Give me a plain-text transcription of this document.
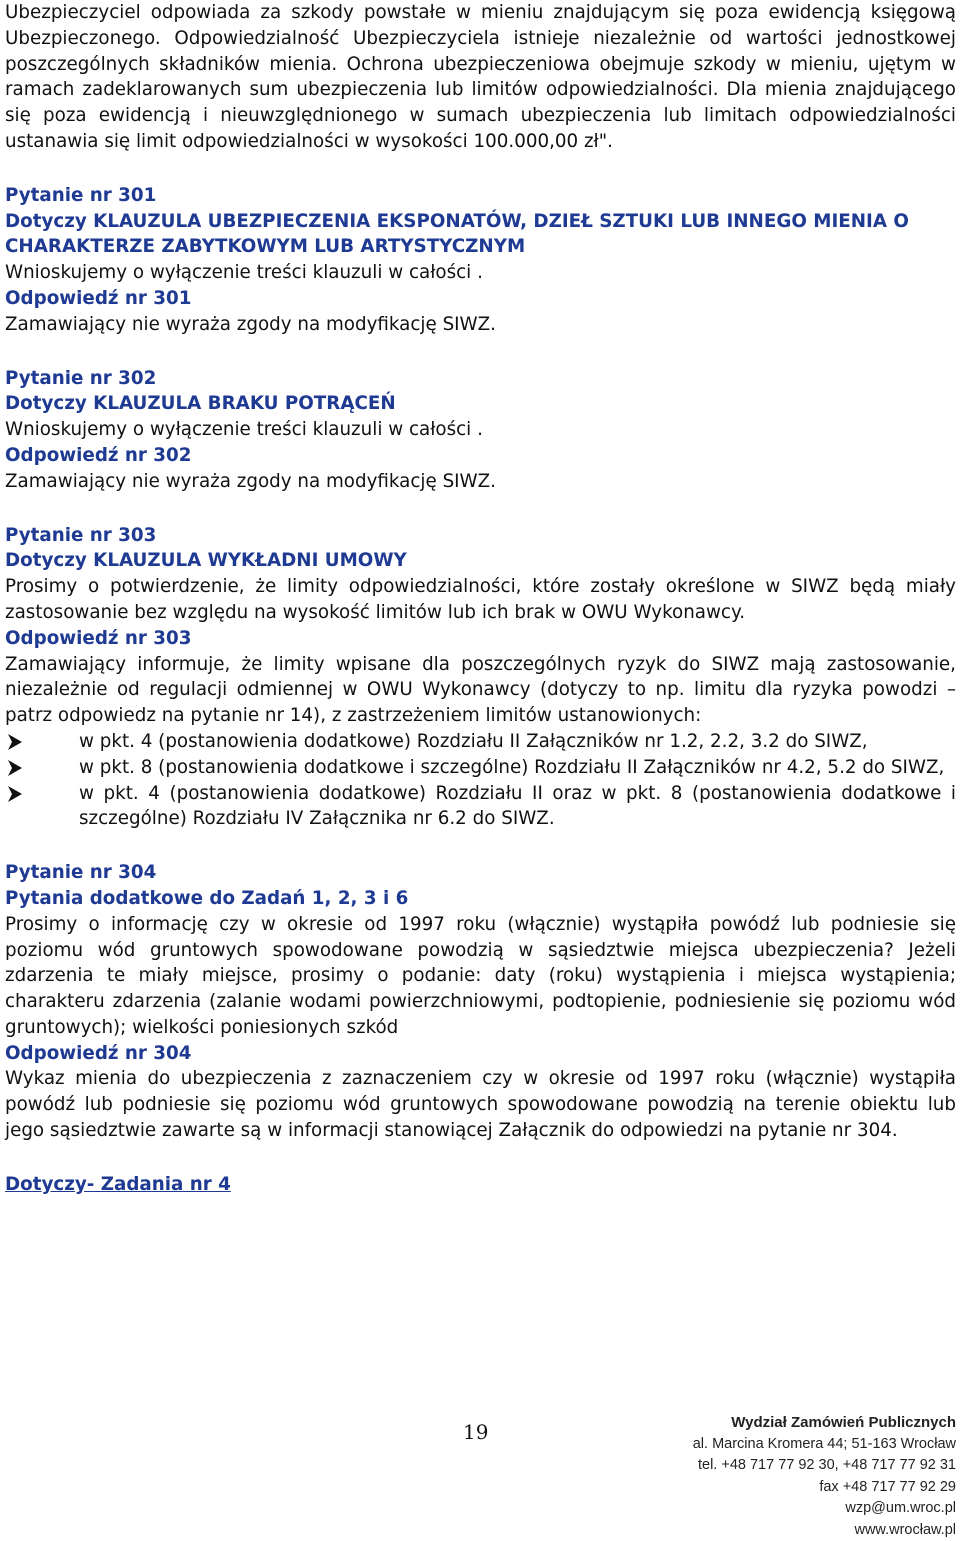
Ubezpieczyciel odpowiada za szkody powstałe w mieniu znajdującym się poza ewidencją księgową Ubezpieczonego. Odpowiedzialność Ubezpieczyciela istnieje niezależnie od wartości jednostkowej poszczególnych składników mienia. Ochrona ubezpieczeniowa obejmuje szkody w mieniu, ujętym w ramach zadeklarowanych sum ubezpieczenia lub limitów odpowiedzialności. Dla mienia znajdującego się poza ewidencją i nieuwzględnionego w sumach ubezpieczenia lub limitach odpowiedzialności ustanawia się limit odpowiedzialności w wysokości 100.000,00 zł".

Pytanie nr 301
Dotyczy KLAUZULA UBEZPIECZENIA EKSPONATÓW, DZIEŁ SZTUKI LUB INNEGO MIENIA O CHARAKTERZE ZABYTKOWYM LUB ARTYSTYCZNYM
Wnioskujemy o wyłączenie treści klauzuli w całości .
Odpowiedź nr 301
Zamawiający nie wyraża zgody na modyfikację SIWZ.
Pytanie nr 302
Dotyczy KLAUZULA BRAKU POTRĄCEŃ
Wnioskujemy o wyłączenie treści klauzuli w całości .
Odpowiedź nr 302
Zamawiający nie wyraża zgody na modyfikację SIWZ.
Pytanie nr 303
Dotyczy KLAUZULA WYKŁADNI UMOWY
Prosimy o potwierdzenie, że limity odpowiedzialności, które zostały określone w SIWZ będą miały zastosowanie bez względu na wysokość limitów lub ich brak w OWU Wykonawcy.
Odpowiedź nr 303
Zamawiający informuje, że limity wpisane dla poszczególnych ryzyk do SIWZ mają zastosowanie, niezależnie od regulacji odmiennej w OWU Wykonawcy (dotyczy to np. limitu dla ryzyka powodzi – patrz odpowiedz na pytanie nr 14), z zastrzeżeniem limitów ustanowionych:
w pkt. 4 (postanowienia dodatkowe) Rozdziału II Załączników nr 1.2, 2.2, 3.2 do SIWZ,
w pkt. 8 (postanowienia dodatkowe i szczególne) Rozdziału II Załączników nr 4.2, 5.2 do SIWZ,
w pkt. 4 (postanowienia dodatkowe) Rozdziału II oraz w pkt. 8 (postanowienia dodatkowe i szczególne) Rozdziału IV Załącznika nr 6.2 do SIWZ.
Pytanie nr 304
Pytania dodatkowe do Zadań 1, 2, 3 i 6
Prosimy o informację czy w okresie od 1997 roku (włącznie) wystąpiła powódź lub podniesie się poziomu wód gruntowych spowodowane powodzią w sąsiedztwie miejsca ubezpieczenia? Jeżeli zdarzenia te miały miejsce, prosimy o podanie: daty (roku) wystąpienia i miejsca wystąpienia; charakteru zdarzenia (zalanie wodami powierzchniowymi, podtopienie, podniesienie się poziomu wód gruntowych); wielkości poniesionych szkód
Odpowiedź nr 304
Wykaz mienia do ubezpieczenia z zaznaczeniem czy w okresie od 1997 roku (włącznie) wystąpiła powódź lub podniesie się poziomu wód gruntowych spowodowane powodzią na terenie obiektu lub jego sąsiedztwie zawarte są w informacji stanowiącej Załącznik do odpowiedzi na pytanie nr 304.
Dotyczy- Zadania nr 4
19	Wydział Zamówień Publicznych
al. Marcina Kromera 44; 51-163 Wrocław
tel. +48 717 77 92 30, +48 717 77 92 31
fax +48 717 77 92 29
wzp@um.wroc.pl
www.wrocław.pl
